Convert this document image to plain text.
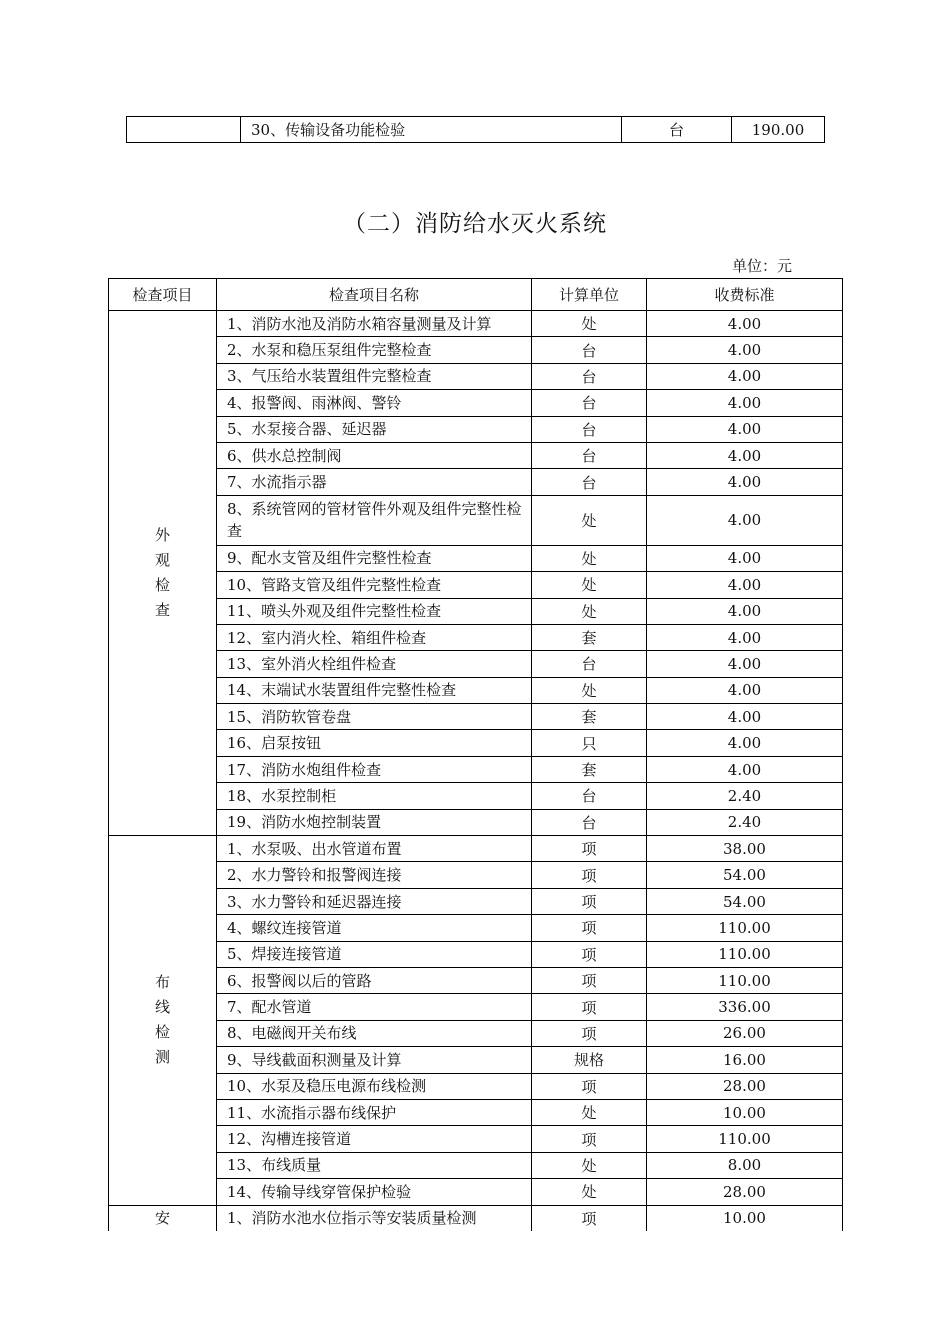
	30、传输设备功能检验	台	190.00
（二）消防给水灭火系统
单位：元
检查项目	检查项目名称	计算单位	收费标准

外
观
检
查	1、消防水池及消防水箱容量测量及计算	处	4.00
	2、水泵和稳压泵组件完整检查	台	4.00
	3、气压给水装置组件完整检查	台	4.00
	4、报警阀、雨淋阀、警铃	台	4.00
	5、水泵接合器、延迟器	台	4.00
	6、供水总控制阀	台	4.00
	7、水流指示器	台	4.00
	8、系统管网的管材管件外观及组件完整性检查	处	4.00
	9、配水支管及组件完整性检查	处	4.00
	10、管路支管及组件完整性检查	处	4.00
	11、喷头外观及组件完整性检查	处	4.00
	12、室内消火栓、箱组件检查	套	4.00
	13、室外消火栓组件检查	台	4.00
	14、末端试水装置组件完整性检查	处	4.00
	15、消防软管卷盘	套	4.00
	16、启泵按钮	只	4.00
	17、消防水炮组件检查	套	4.00
	18、水泵控制柜	台	2.40
	19、消防水炮控制装置	台	2.40

布
线
检
测	1、水泵吸、出水管道布置	项	38.00
	2、水力警铃和报警阀连接	项	54.00
	3、水力警铃和延迟器连接	项	54.00
	4、螺纹连接管道	项	110.00
	5、焊接连接管道	项	110.00
	6、报警阀以后的管路	项	110.00
	7、配水管道	项	336.00
	8、电磁阀开关布线	项	26.00
	9、导线截面积测量及计算	规格	16.00
	10、水泵及稳压电源布线检测	项	28.00
	11、水流指示器布线保护	处	10.00
	12、沟槽连接管道	项	110.00
	13、布线质量	处	8.00
	14、传输导线穿管保护检验	处	28.00

安	1、消防水池水位指示等安装质量检测	项	10.00
